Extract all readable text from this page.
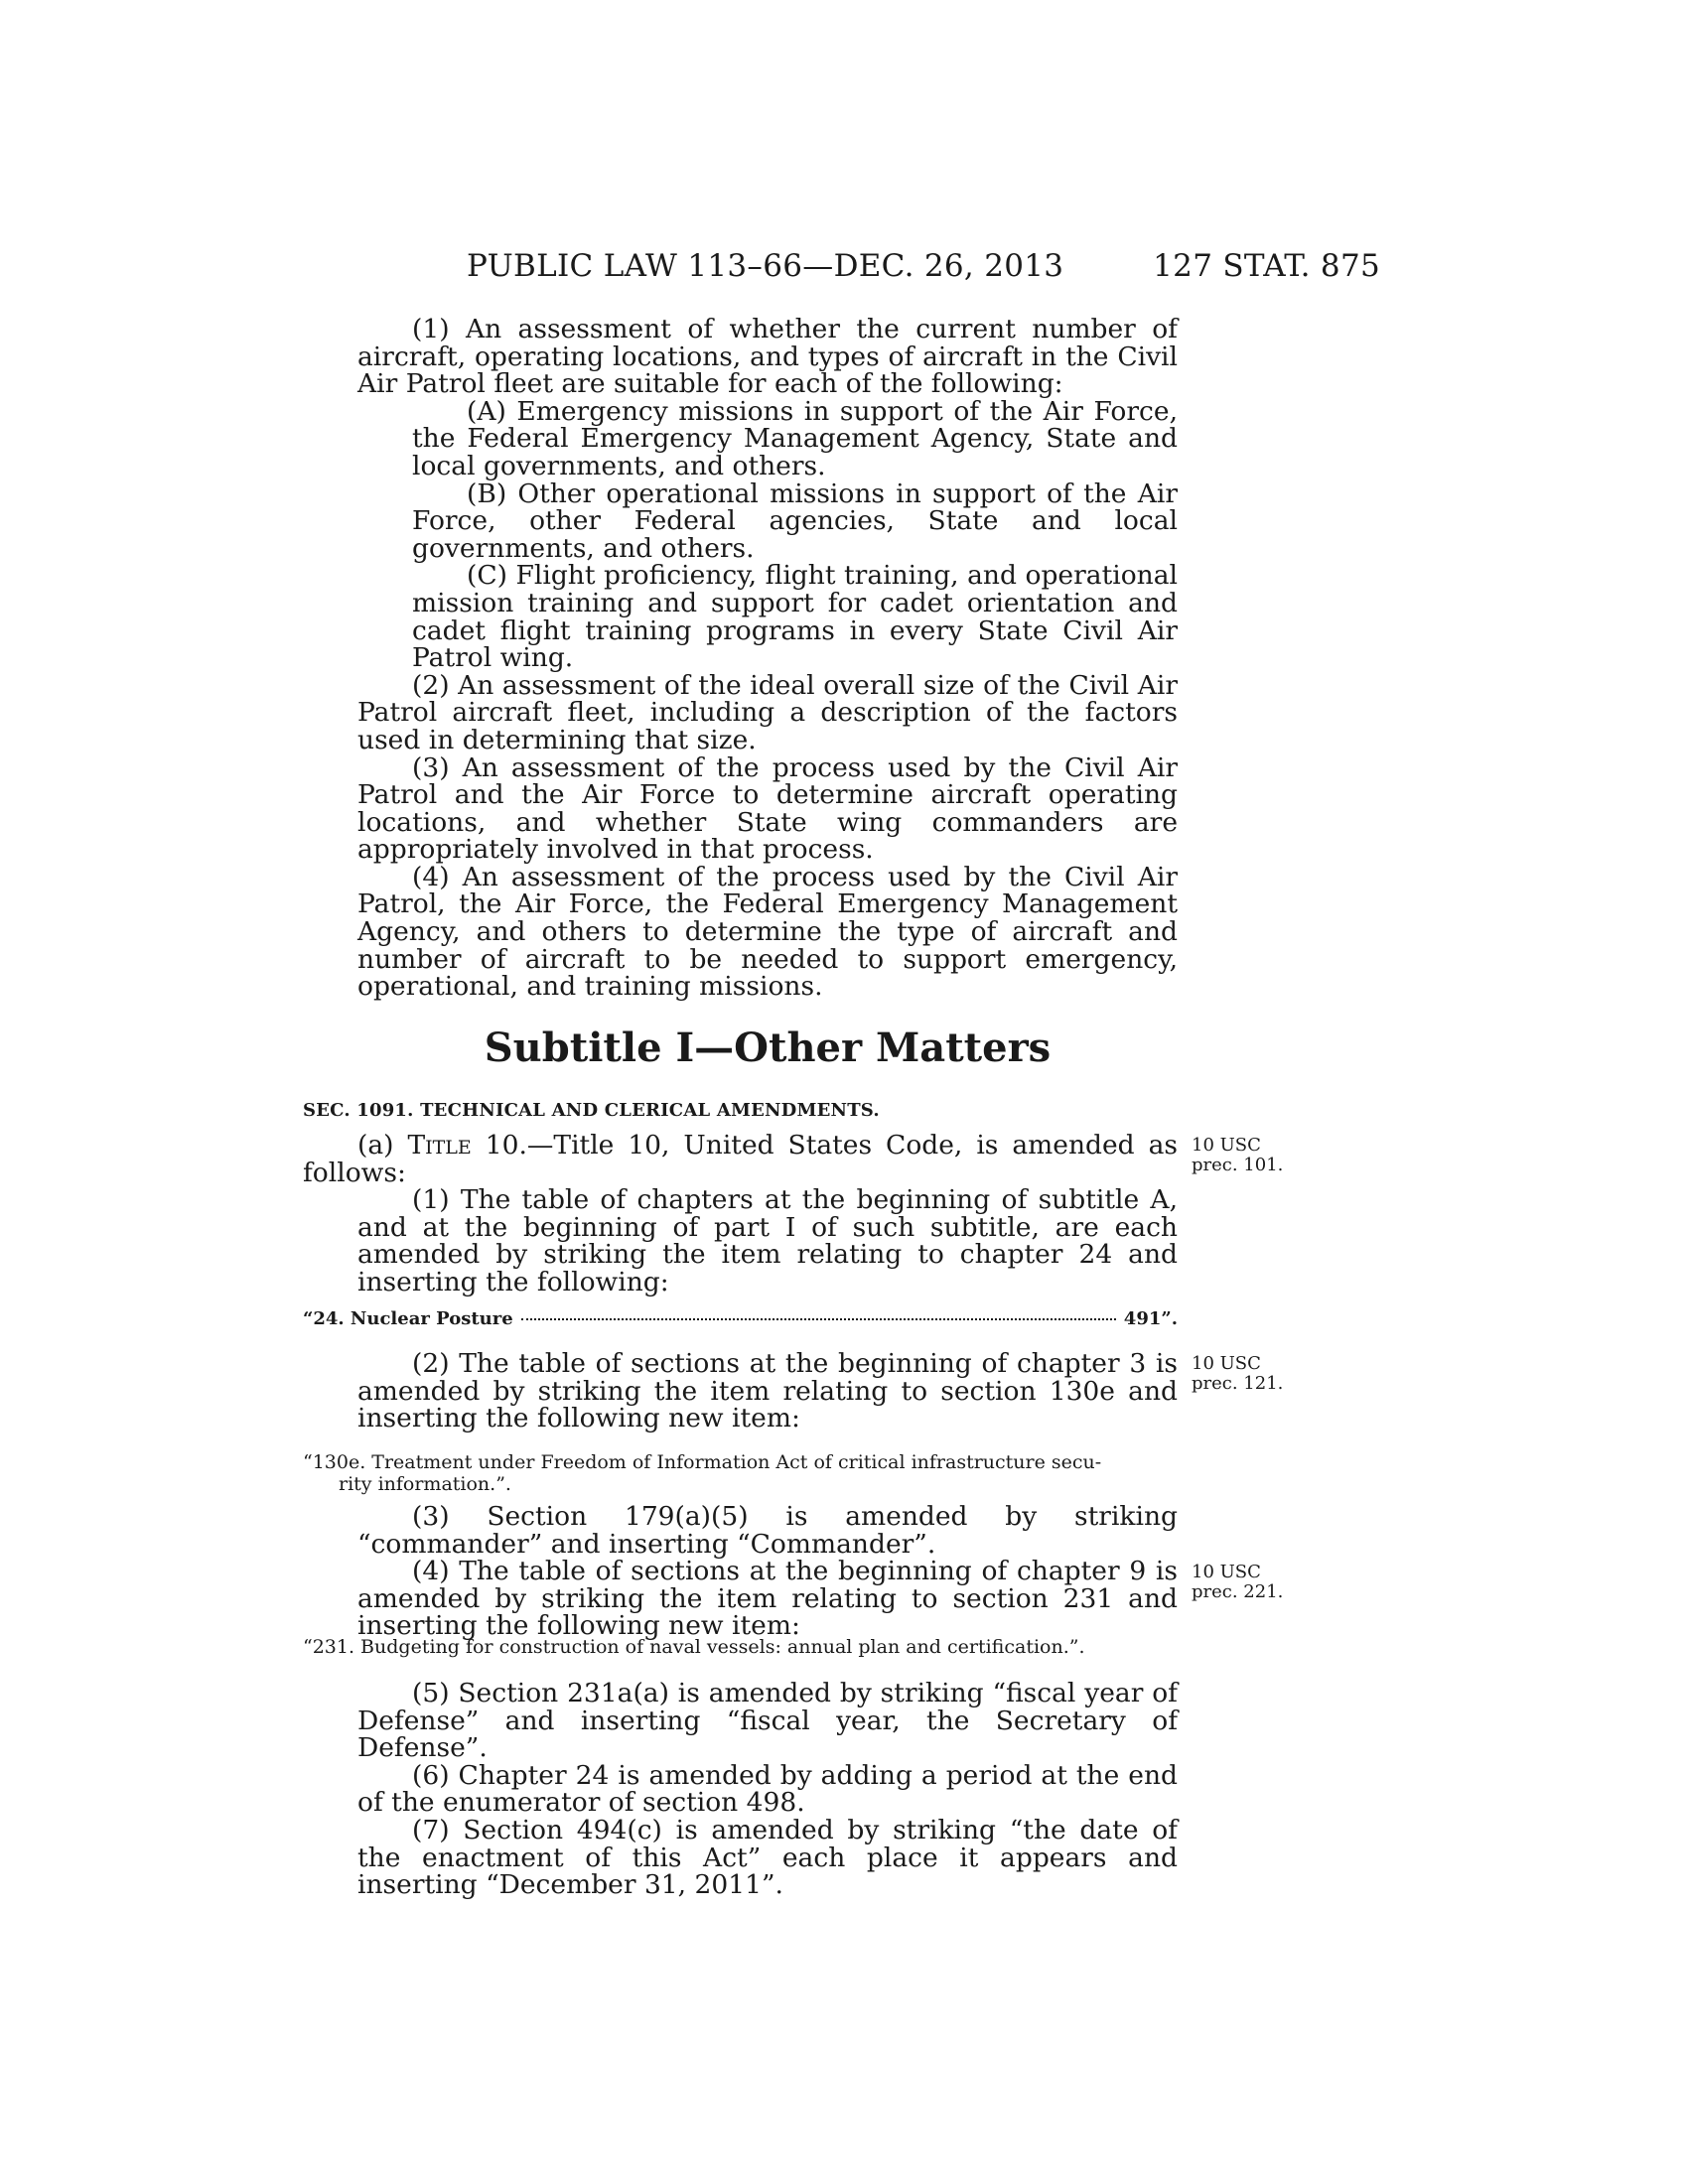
PUBLIC LAW 113–66—DEC. 26, 2013	127 STAT. 875

(1) An assessment of whether the current number of aircraft, operating locations, and types of aircraft in the Civil Air Patrol fleet are suitable for each of the following:

(A) Emergency missions in support of the Air Force, the Federal Emergency Management Agency, State and local governments, and others.

(B) Other operational missions in support of the Air Force, other Federal agencies, State and local governments, and others.

(C) Flight proficiency, flight training, and operational mission training and support for cadet orientation and cadet flight training programs in every State Civil Air Patrol wing.

(2) An assessment of the ideal overall size of the Civil Air Patrol aircraft fleet, including a description of the factors used in determining that size.

(3) An assessment of the process used by the Civil Air Patrol and the Air Force to determine aircraft operating locations, and whether State wing commanders are appropriately involved in that process.

(4) An assessment of the process used by the Civil Air Patrol, the Air Force, the Federal Emergency Management Agency, and others to determine the type of aircraft and number of aircraft to be needed to support emergency, operational, and training missions.

Subtitle I—Other Matters
SEC. 1091. TECHNICAL AND CLERICAL AMENDMENTS.

(a) Title 10.—Title 10, United States Code, is amended as follows:

(1) The table of chapters at the beginning of subtitle A, and at the beginning of part I of such subtitle, are each amended by striking the item relating to chapter 24 and inserting the following:

“24. Nuclear Posture	491”.

(2) The table of sections at the beginning of chapter 3 is amended by striking the item relating to section 130e and inserting the following new item:

“130e. Treatment under Freedom of Information Act of critical infrastructure secu-
rity information.”.

(3) Section 179(a)(5) is amended by striking “commander” and inserting “Commander”.

(4) The table of sections at the beginning of chapter 9 is amended by striking the item relating to section 231 and inserting the following new item:

“231. Budgeting for construction of naval vessels: annual plan and certification.”.

(5) Section 231a(a) is amended by striking “fiscal year of Defense” and inserting “fiscal year, the Secretary of Defense”.

(6) Chapter 24 is amended by adding a period at the end of the enumerator of section 498.

(7) Section 494(c) is amended by striking “the date of the enactment of this Act” each place it appears and inserting “December 31, 2011”.

10 USC
prec. 101.
10 USC
prec. 121.
10 USC
prec. 221.
